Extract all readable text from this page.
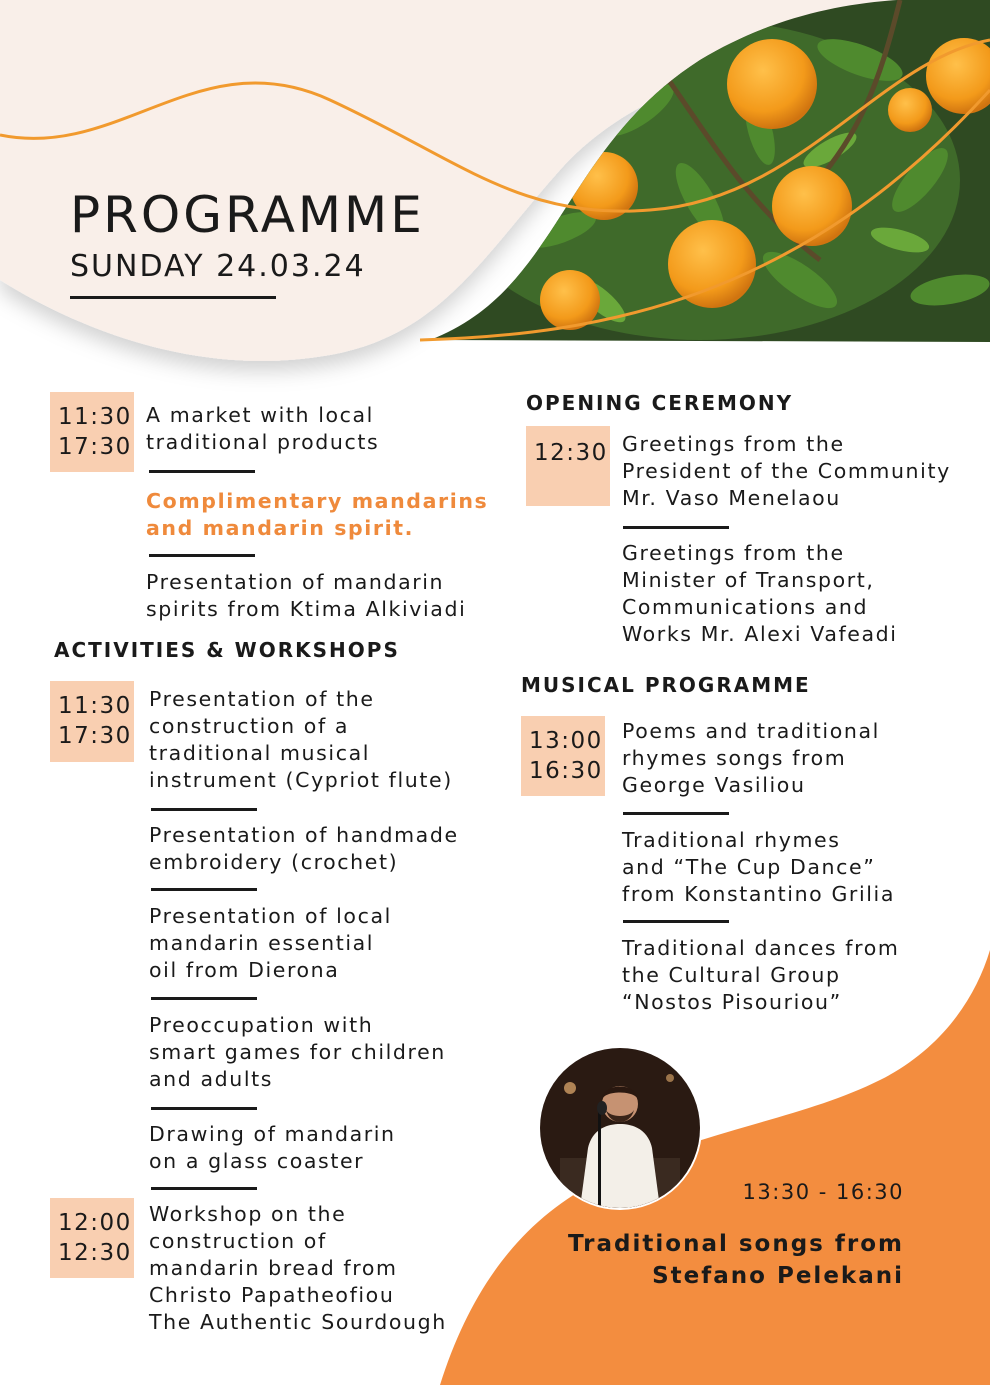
PROGRAMME
SUNDAY 24.03.24
11:30
17:30
A market with local
traditional products
Complimentary mandarins
and mandarin spirit.
Presentation of mandarin
spirits from Ktima Alkiviadi
ACTIVITIES & WORKSHOPS
11:30
17:30
Presentation of the
construction of a
traditional musical
instrument (Cypriot flute)
Presentation of handmade
embroidery (crochet)
Presentation of local
mandarin essential
oil from Dierona
Preoccupation with
smart games for children
and adults
Drawing of mandarin
on a glass coaster
12:00
12:30
Workshop on the
construction of
mandarin bread from
Christo Papatheofiou
The Authentic Sourdough
OPENING CEREMONY
12:30 Greetings from the
President of the Community
Mr. Vaso Menelaou
Greetings from the
Minister of Transport,
Communications and
Works Mr. Alexi Vafeadi
MUSICAL PROGRAMME
13:00
16:30
Poems and traditional
rhymes songs from
George Vasiliou
Traditional rhymes
and “The Cup Dance”
from Konstantino Grilia
Traditional dances from
the Cultural Group
“Nostos Pisouriou”
13:30 - 16:30
Traditional songs from
Stefano Pelekani
